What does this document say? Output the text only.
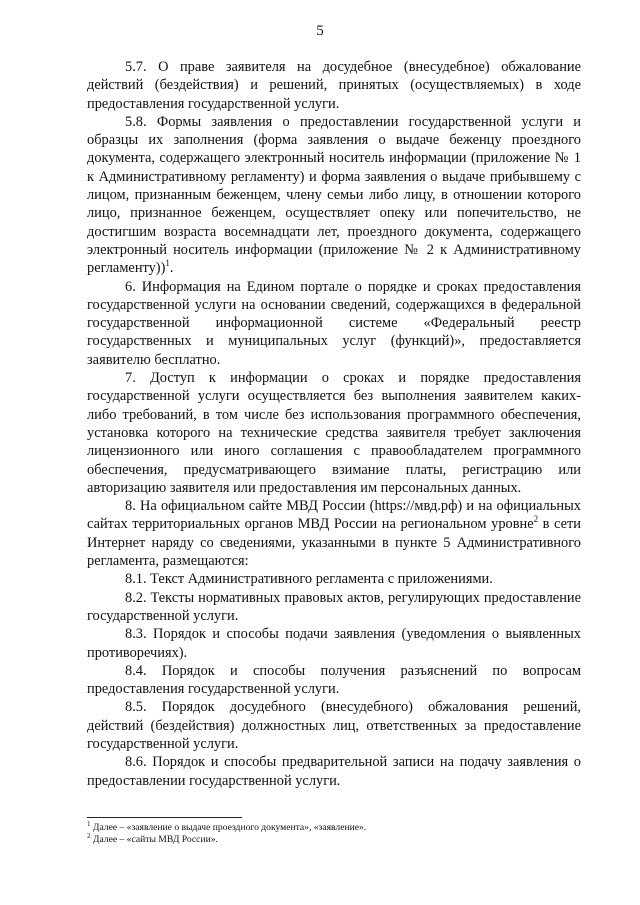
5

5.7. О праве заявителя на досудебное (внесудебное) обжалование действий (бездействия) и решений, принятых (осуществляемых) в ходе предоставления государственной услуги.

5.8. Формы заявления о предоставлении государственной услуги и образцы их заполнения (форма заявления о выдаче беженцу проездного документа, содержащего электронный носитель информации (приложение № 1 к Административному регламенту) и форма заявления о выдаче прибывшему с лицом, признанным беженцем, члену семьи либо лицу, в отношении которого лицо, признанное беженцем, осуществляет опеку или попечительство, не достигшим возраста восемнадцати лет, проездного документа, содержащего электронный носитель информации (приложение № 2 к Административному регламенту))$^1$.

6. Информация на Едином портале о порядке и сроках предоставления государственной услуги на основании сведений, содержащихся в федеральной государственной информационной системе «Федеральный реестр государственных и муниципальных услуг (функций)», предоставляется заявителю бесплатно.

7. Доступ к информации о сроках и порядке предоставления государственной услуги осуществляется без выполнения заявителем каких-либо требований, в том числе без использования программного обеспечения, установка которого на технические средства заявителя требует заключения лицензионного или иного соглашения с правообладателем программного обеспечения, предусматривающего взимание платы, регистрацию или авторизацию заявителя или предоставления им персональных данных.

8. На официальном сайте МВД России (https://мвд.рф) и на официальных сайтах территориальных органов МВД России на региональном уровне$^2$ в сети Интернет наряду со сведениями, указанными в пункте 5 Административного регламента, размещаются:

8.1. Текст Административного регламента с приложениями.

8.2. Тексты нормативных правовых актов, регулирующих предоставление государственной услуги.

8.3. Порядок и способы подачи заявления (уведомления о выявленных противоречиях).

8.4. Порядок и способы получения разъяснений по вопросам предоставления государственной услуги.

8.5. Порядок досудебного (внесудебного) обжалования решений, действий (бездействия) должностных лиц, ответственных за предоставление государственной услуги.

8.6. Порядок и способы предварительной записи на подачу заявления о предоставлении государственной услуги.

$^1$ Далее – «заявление о выдаче проездного документа», «заявление».

$^2$ Далее – «сайты МВД России».
